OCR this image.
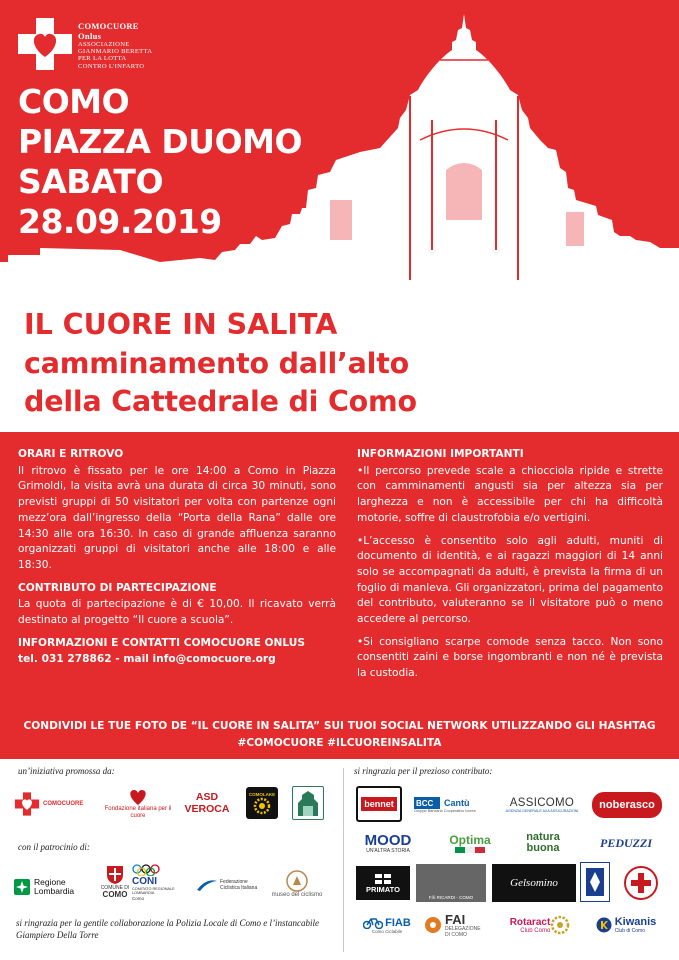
COMOCUORE Onlus
ASSOCIAZIONE
GIANMARIO BERETTA
PER LA LOTTA
CONTRO L'INFARTO
COMO
PIAZZA DUOMO
SABATO
28.09.2019
IL CUORE IN SALITA
camminamento dall’alto
della Cattedrale di Como
ORARI E RITROVO

Il ritrovo è fissato per le ore 14:00 a Como in Piazza Grimoldi, la visita avrà una durata di circa 30 minuti, sono previsti gruppi di 50 visitatori per volta con partenze ogni mezz’ora dall’ingresso della “Porta della Rana” dalle ore 14:30 alle ora 16:30. In caso di grande affluenza saranno organizzati gruppi di visitatori anche alle 18:00 e alle 18:30.

CONTRIBUTO DI PARTECIPAZIONE

La quota di partecipazione è di € 10,00. Il ricavato verrà destinato al progetto “Il cuore a scuola”.

INFORMAZIONI E CONTATTI COMOCUORE ONLUS
tel. 031 278862 - mail info@comocuore.org
INFORMAZIONI IMPORTANTI

•Il percorso prevede scale a chiocciola ripide e strette con camminamenti angusti sia per altezza sia per larghezza e non è accessibile per chi ha difficoltà motorie, soffre di claustrofobia e/o vertigini.

•L’accesso è consentito solo agli adulti, muniti di documento di identità, e ai ragazzi maggiori di 14 anni solo se accompagnati da adulti, è prevista la firma di un foglio di manleva. Gli organizzatori, prima del pagamento del contributo, valuteranno se il visitatore può o meno accedere al percorso.

•Si consigliano scarpe comode senza tacco. Non sono consentiti zaini e borse ingombranti e non né è prevista la custodia.

CONDIVIDI LE TUE FOTO DE “IL CUORE IN SALITA” SUI TUOI SOCIAL NETWORK UTILIZZANDO GLI HASHTAG
#COMOCUORE #ILCUOREINSALITA
un’iniziativa promossa da:
con il patrocinio di:
si ringrazia per il prezioso contributo:
COMOCUORE
Fondazione italiana per il cuore
ASD VEROCA
COMOLAKE
Regione Lombardia	COMUNE DI
COMO
CONI
COMITATO REGIONALE LOMBARDIA
Como
Federazione Ciclistica Italiana
museo del ciclismo
bennet	BCC Cantù
Gruppo Bancario Cooperativo Iccrea
ASSICOMO
AGENZIA GENERALE AXA ASSICURAZIONI	noberasco
MOOD
UN'ALTRA STORIA
Optima	natura
buona	PEDUZZI
PRIMATO
F.lli RICARDI - COMO
Gelsomino
FIAB
Como Ciclabile
FAI
DELEGAZIONE
DI COMO
Rotaract
Club Como
Kiwanis
Club di Como
si ringrazia per la gentile collaborazione la Polizia Locale di Como e l’instancabile Giampiero Della Torre
